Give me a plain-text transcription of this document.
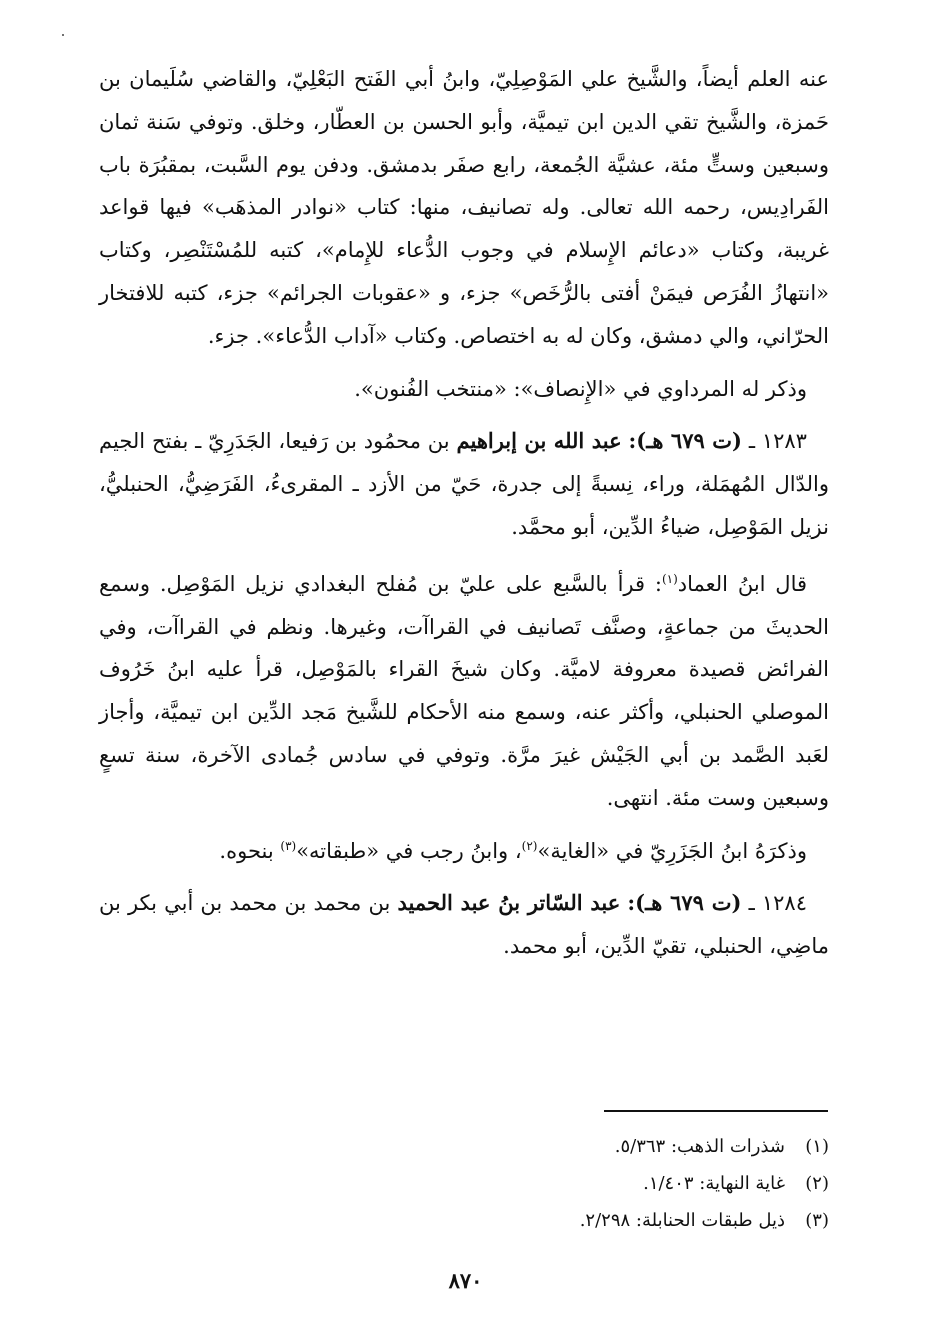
عنه العلم أيضاً، والشَّيخ علي المَوْصِلِيّ، وابنُ أبي الفَتح البَعْلِيّ، والقاضي سُلَيمان بن حَمزة، والشَّيخ تقي الدين ابن تيميَّة، وأبو الحسن بن العطّار، وخلق. وتوفي سَنة ثمان وسبعين وستٍّ مئة، عشيَّة الجُمعة، رابع صفَر بدمشق. ودفن يوم السَّبت، بمقبُرَة باب الفَرادِيس، رحمه الله تعالى. وله تصانيف، منها: كتاب «نوادر المذهَب» فيها قواعد غريبة، وكتاب «دعائم الإِسلام في وجوب الدُّعاء للإِمام»، كتبه للمُسْتَنْصِر، وكتاب «انتهازُ الفُرَص فيمَنْ أفتى بالرُّخَص» جزء، و «عقوبات الجرائم» جزء، كتبه للافتخار الحرّاني، والي دمشق، وكان له به اختصاص. وكتاب «آداب الدُّعاء». جزء.

وذكر له المرداوي في «الإِنصاف»: «منتخب الفُنون».

١٢٨٣ ـ (ت ٦٧٩ هـ): عبد الله بن إبراهيم بن محمُود بن رَفيعا، الجَدَرِيّ ـ بفتح الجيم والدّال المُهمَلة، وراء، نِسبةً إلى جدرة، حَيّ من الأزد ـ المقرىءُ، الفَرَضِيُّ، الحنبليُّ، نزيل المَوْصِل، ضياءُ الدِّين، أبو محمَّد.

قال ابنُ العماد$^{(١)}$: قرأ بالسَّبع على عليّ بن مُفلح البغدادي نزيل المَوْصِل. وسمع الحديثَ من جماعةٍ، وصنَّف تَصانيف في القراآت، وغيرها. ونظم في القراآت، وفي الفرائض قصيدة معروفة لاميَّة. وكان شيخَ القراء بالمَوْصِل، قرأ عليه ابنُ خَرُوف الموصلي الحنبلي، وأكثر عنه، وسمع منه الأحكام للشَّيخ مَجد الدِّين ابن تيميَّة، وأجاز لعَبد الصَّمد بن أبي الجَيْش غيرَ مرَّة. وتوفي في سادس جُمادى الآخرة، سنة تسعٍ وسبعين وست مئة. انتهى.

وذكرَهُ ابنُ الجَزَرِيّ في «الغاية»$^{(٢)}$، وابنُ رجب في «طبقاته»$^{(٣)}$ بنحوه.

١٢٨٤ ـ (ت ٦٧٩ هـ): عبد السّاتر بنُ عبد الحميد بن محمد بن محمد بن أبي بكر بن ماضِي، الحنبلي، تقيّ الدِّين، أبو محمد.

(١)
شذرات الذهب: ٥/٣٦٣.
(٢)
غاية النهاية: ١/٤٠٣.
(٣)
ذيل طبقات الحنابلة: ٢/٢٩٨.
٨٧٠
